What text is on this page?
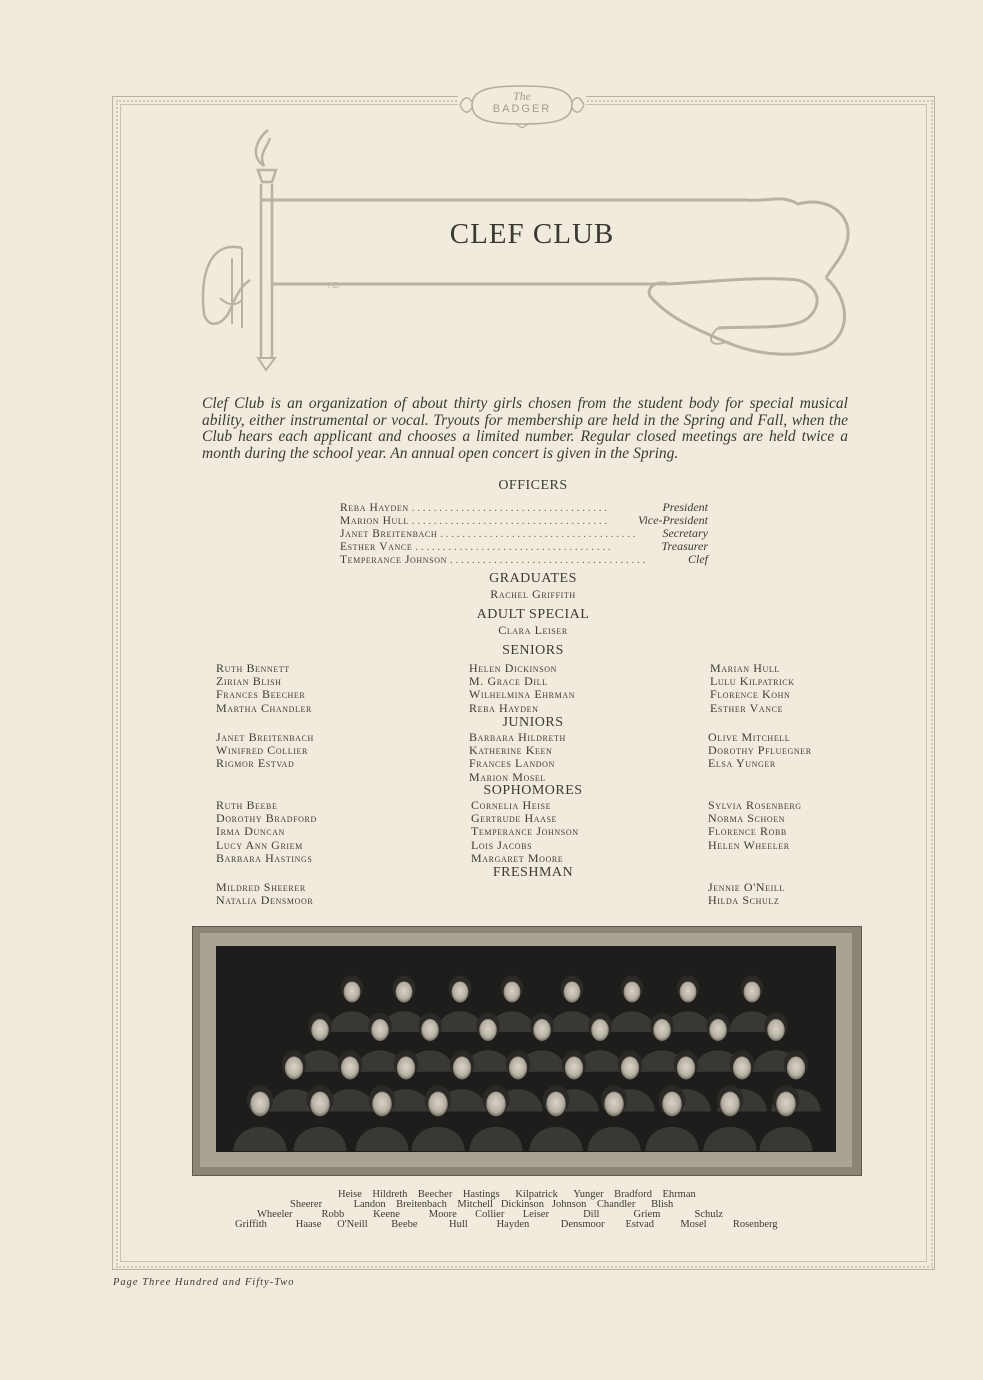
The
BADGER
HB
CLEF CLUB
Clef Club is an organization of about thirty girls chosen from the student body for special musical ability, either instrumental or vocal. Tryouts for membership are held in the Spring and Fall, when the Club hears each applicant and chooses a limited number. Regular closed meetings are held twice a month during the school year. An annual open concert is given in the Spring.
OFFICERS
Reba Hayden . . . . . . . . . . . . . . . . . . . . . . . . . . . . . . . . . . . .	President
Marion Hull . . . . . . . . . . . . . . . . . . . . . . . . . . . . . . . . . . . .	Vice-President
Janet Breitenbach . . . . . . . . . . . . . . . . . . . . . . . . . . . . . . . . . . . .	Secretary
Esther Vance . . . . . . . . . . . . . . . . . . . . . . . . . . . . . . . . . . . .	Treasurer
Temperance Johnson . . . . . . . . . . . . . . . . . . . . . . . . . . . . . . . . . . . .	Clef
GRADUATES
Rachel Griffith
ADULT SPECIAL
Clara Leiser
SENIORS
Ruth Bennett
Zirian Blish
Frances Beecher
Martha Chandler
Helen Dickinson
M. Grace Dill
Wilhelmina Ehrman
Reba Hayden
Marian Hull
Lulu Kilpatrick
Florence Kohn
Esther Vance
JUNIORS
Janet Breitenbach
Winifred Collier
Rigmor Estvad
Barbara Hildreth
Katherine Keen
Frances Landon
Marion Mosel
Olive Mitchell
Dorothy Pfluegner
Elsa Yunger
SOPHOMORES
Ruth Beebe
Dorothy Bradford
Irma Duncan
Lucy Ann Griem
Barbara Hastings
Cornelia Heise
Gertrude Haase
Temperance Johnson
Lois Jacobs
Margaret Moore
Sylvia Rosenberg
Norma Schoen
Florence Robb
Helen Wheeler
FRESHMAN
Mildred Sheerer
Natalia Densmoor
Jennie O'Neill
Hilda Schulz
Heise Hildreth Beecher Hastings Kilpatrick Yunger Bradford Ehrman
Sheerer	Landon Breitenbach Mitchell Dickinson Johnson Chandler Blish
Wheeler	Robb	Keene	Moore Collier Leiser	Dill	Griem	Schulz
Griffith	Haase O'Neill Beebe	Hull	Hayden	Densmoor Estvad	Mosel	Rosenberg
Page Three Hundred and Fifty-Two
